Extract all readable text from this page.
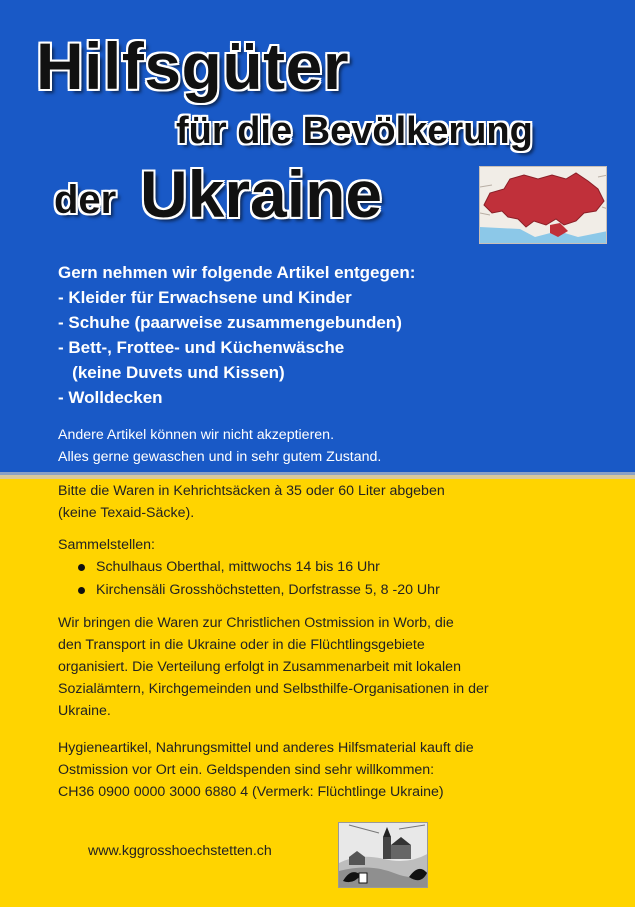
Hilfsgüter
für die Bevölkerung
der Ukraine
Gern nehmen wir folgende Artikel entgegen:
- Kleider für Erwachsene und Kinder
- Schuhe (paarweise zusammengebunden)
- Bett-, Frottee- und Küchenwäsche
(keine Duvets und Kissen)
- Wolldecken
Andere Artikel können wir nicht akzeptieren.
Alles gerne gewaschen und in sehr gutem Zustand.
Bitte die Waren in Kehrichtsäcken à 35 oder 60 Liter abgeben
(keine Texaid-Säcke).
Sammelstellen:
Schulhaus Oberthal, mittwochs 14 bis 16 Uhr
Kirchensäli Grosshöchstetten, Dorfstrasse 5, 8 -20 Uhr
Wir bringen die Waren zur Christlichen Ostmission in Worb, die
den Transport in die Ukraine oder in die Flüchtlingsgebiete
organisiert. Die Verteilung erfolgt in Zusammenarbeit mit lokalen
Sozialämtern, Kirchgemeinden und Selbsthilfe-Organisationen in der
Ukraine.
Hygieneartikel, Nahrungsmittel und anderes Hilfsmaterial kauft die
Ostmission vor Ort ein. Geldspenden sind sehr willkommen:
CH36 0900 0000 3000 6880 4 (Vermerk: Flüchtlinge Ukraine)
www.kggrosshoechstetten.ch
